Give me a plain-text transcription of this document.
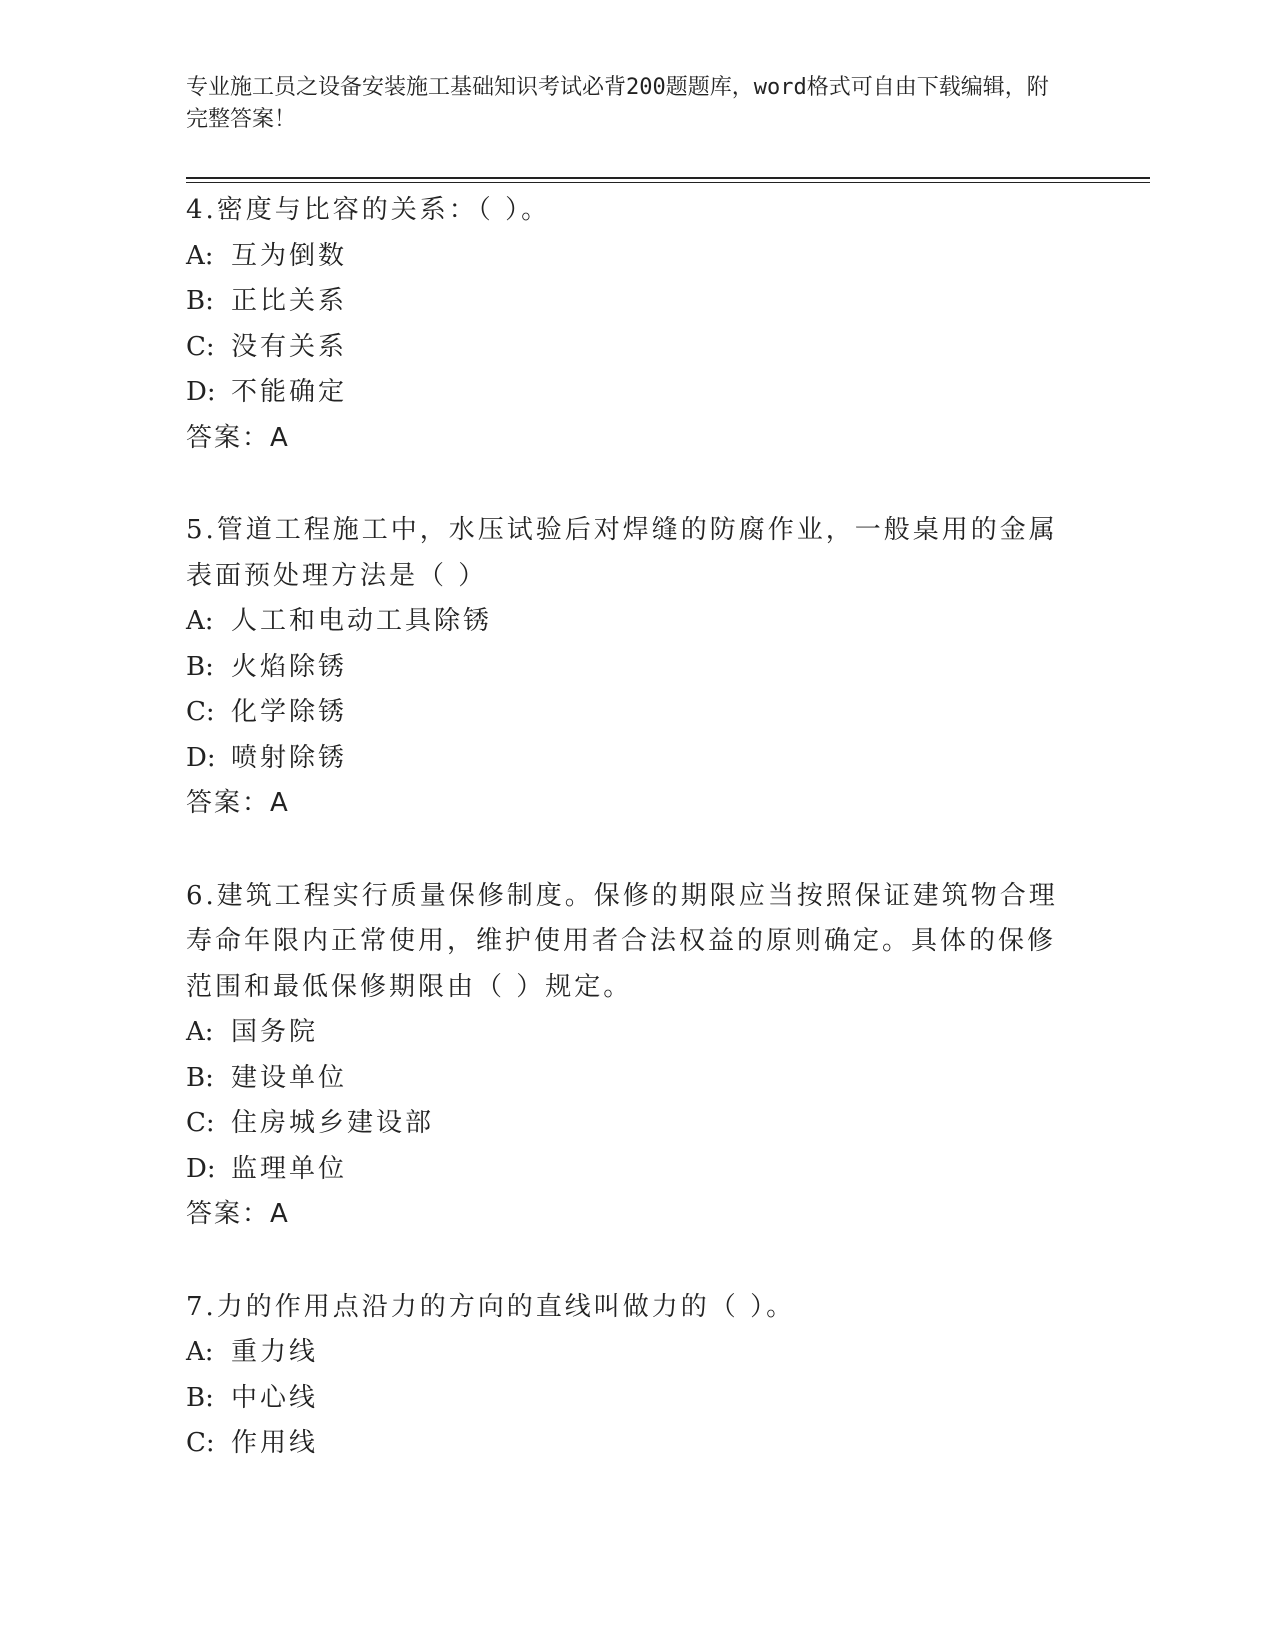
专业施工员之设备安装施工基础知识考试必背200题题库，word格式可自由下载编辑，附完整答案！

4.密度与比容的关系：（ ）。

A: 互为倒数

B: 正比关系

C: 没有关系

D: 不能确定

答案：A

5.管道工程施工中，水压试验后对焊缝的防腐作业，一般桌用的金属表面预处理方法是（ ）

A: 人工和电动工具除锈

B: 火焰除锈

C: 化学除锈

D: 喷射除锈

答案：A

6.建筑工程实行质量保修制度。保修的期限应当按照保证建筑物合理寿命年限内正常使用，维护使用者合法权益的原则确定。具体的保修范围和最低保修期限由（ ）规定。

A: 国务院

B: 建设单位

C: 住房城乡建设部

D: 监理单位

答案：A

7.力的作用点沿力的方向的直线叫做力的（ ）。

A: 重力线

B: 中心线

C: 作用线
